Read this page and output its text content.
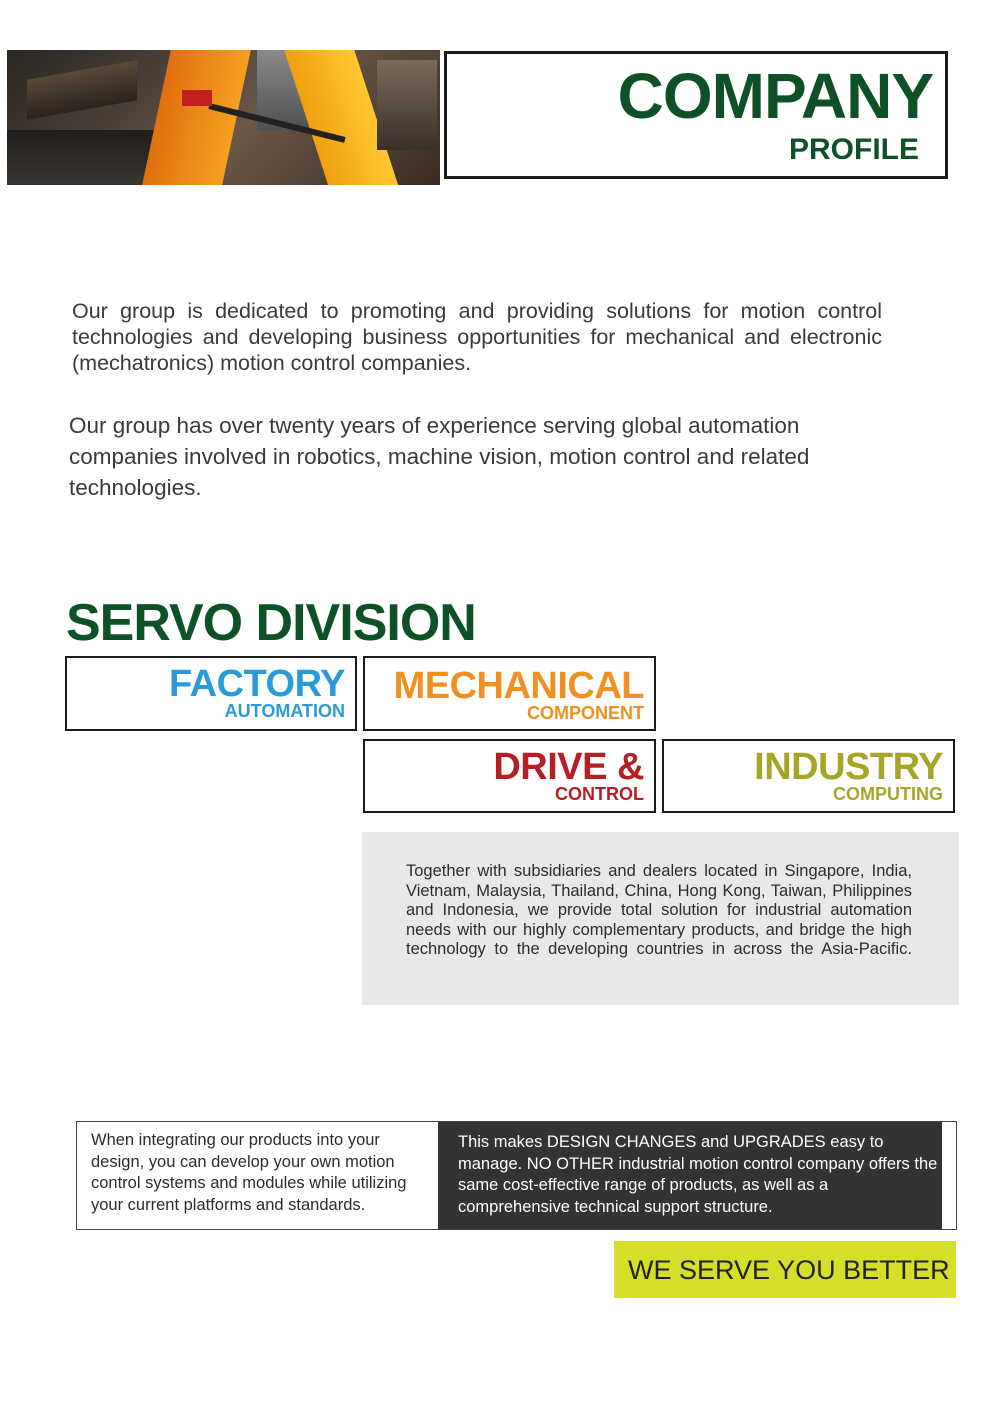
COMPANY
PROFILE
Our group is dedicated to promoting and providing solutions for motion control technologies and developing business opportunities for mechanical and electronic (mechatronics) motion control companies.
Our group has over twenty years of experience serving global automation companies involved in robotics, machine vision, motion control and related technologies.
SERVO DIVISION
FACTORY
AUTOMATION
MECHANICAL
COMPONENT
DRIVE &
CONTROL
INDUSTRY
COMPUTING
Together with subsidiaries and dealers located in Singapore, India, Vietnam, Malaysia, Thailand, China, Hong Kong, Taiwan, Philippines and Indonesia, we provide total solution for industrial automation needs with our highly complementary products, and bridge the high technology to the developing countries in across the Asia-Pacific.
When integrating our products into your design, you can develop your own motion control systems and modules while utilizing your current platforms and standards.
This makes DESIGN CHANGES and UPGRADES easy to manage. NO OTHER industrial motion control company offers the same cost-effective range of products, as well as a comprehensive technical support structure.
WE SERVE YOU BETTER
